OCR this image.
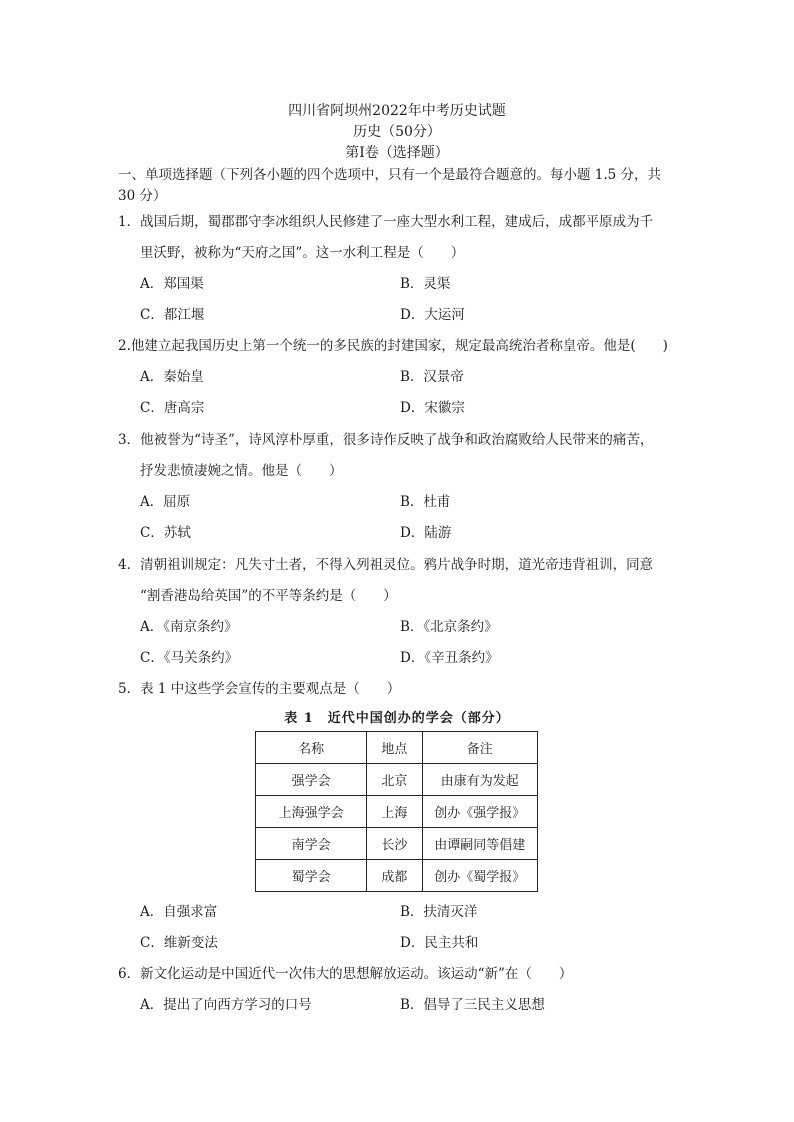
四川省阿坝州2022年中考历史试题
历史（50分）
第Ⅰ卷（选择题）
一、单项选择题（下列各小题的四个选项中，只有一个是最符合题意的。每小题 1.5 分，共
30 分）
1．战国后期，蜀郡郡守李冰组织人民修建了一座大型水利工程，建成后，成都平原成为千
里沃野，被称为“天府之国”。这一水利工程是（　　）
A．郑国渠	B．灵渠
C．都江堰	D．大运河
2.他建立起我国历史上第一个统一的多民族的封建国家，规定最高统治者称皇帝。他是(　　)
A．秦始皇	B．汉景帝
C．唐高宗	D．宋徽宗
3．他被誉为“诗圣”，诗风淳朴厚重，很多诗作反映了战争和政治腐败给人民带来的痛苦，
抒发悲愤凄婉之情。他是（　　）
A．屈原	B．杜甫
C．苏轼	D．陆游
4．清朝祖训规定：凡失寸土者，不得入列祖灵位。鸦片战争时期，道光帝违背祖训，同意
“割香港岛给英国”的不平等条约是（　　）
A．《南京条约》	B．《北京条约》
C．《马关条约》	D．《辛丑条约》
5．表 1 中这些学会宣传的主要观点是（　　）
表 1　近代中国创办的学会（部分）
名称	地点	备注
强学会	北京	由康有为发起
上海强学会	上海	创办《强学报》
南学会	长沙	由谭嗣同等倡建
蜀学会	成都	创办《蜀学报》
A．自强求富	B．扶清灭洋
C．维新变法	D．民主共和
6．新文化运动是中国近代一次伟大的思想解放运动。该运动“新”在（　　）
A．提出了向西方学习的口号	B．倡导了三民主义思想
